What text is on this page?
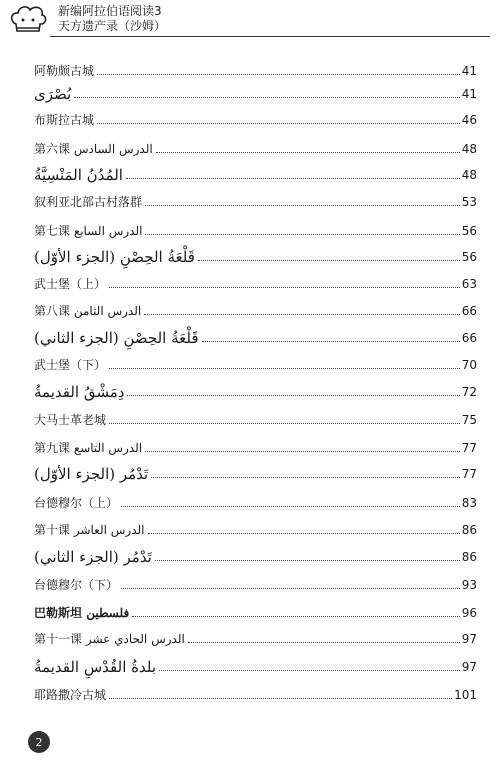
新编阿拉伯语阅读3
天方遗产录（沙姆）
阿勒颇古城	41
بُصْرَى	41
布斯拉古城	46
第六课 الدرس السادس	48
المُدُنُ المَنْسِيَّةُ	48
叙利亚北部古村落群	53
第七课 الدرس السابع	56
قَلْعَةُ الحِصْنِ (الجزء الأوّل)	56
武士堡（上）	63
第八课 الدرس الثامن	66
قَلْعَةُ الحِصْنِ (الجزء الثاني)	66
武士堡（下）	70
دِمَشْقُ القديمةُ	72
大马士革老城	75
第九课 الدرس التاسع	77
تَدْمُر (الجزء الأوّل)	77
台德穆尔（上）	83
第十课 الدرس العاشر	86
تَدْمُر (الجزء الثاني)	86
台德穆尔（下）	93
巴勒斯坦 فلسطين	96
第十一课 الدرس الحادي عشر	97
بلدةُ القُدْسِ القديمةُ	97
耶路撒冷古城	101
2
